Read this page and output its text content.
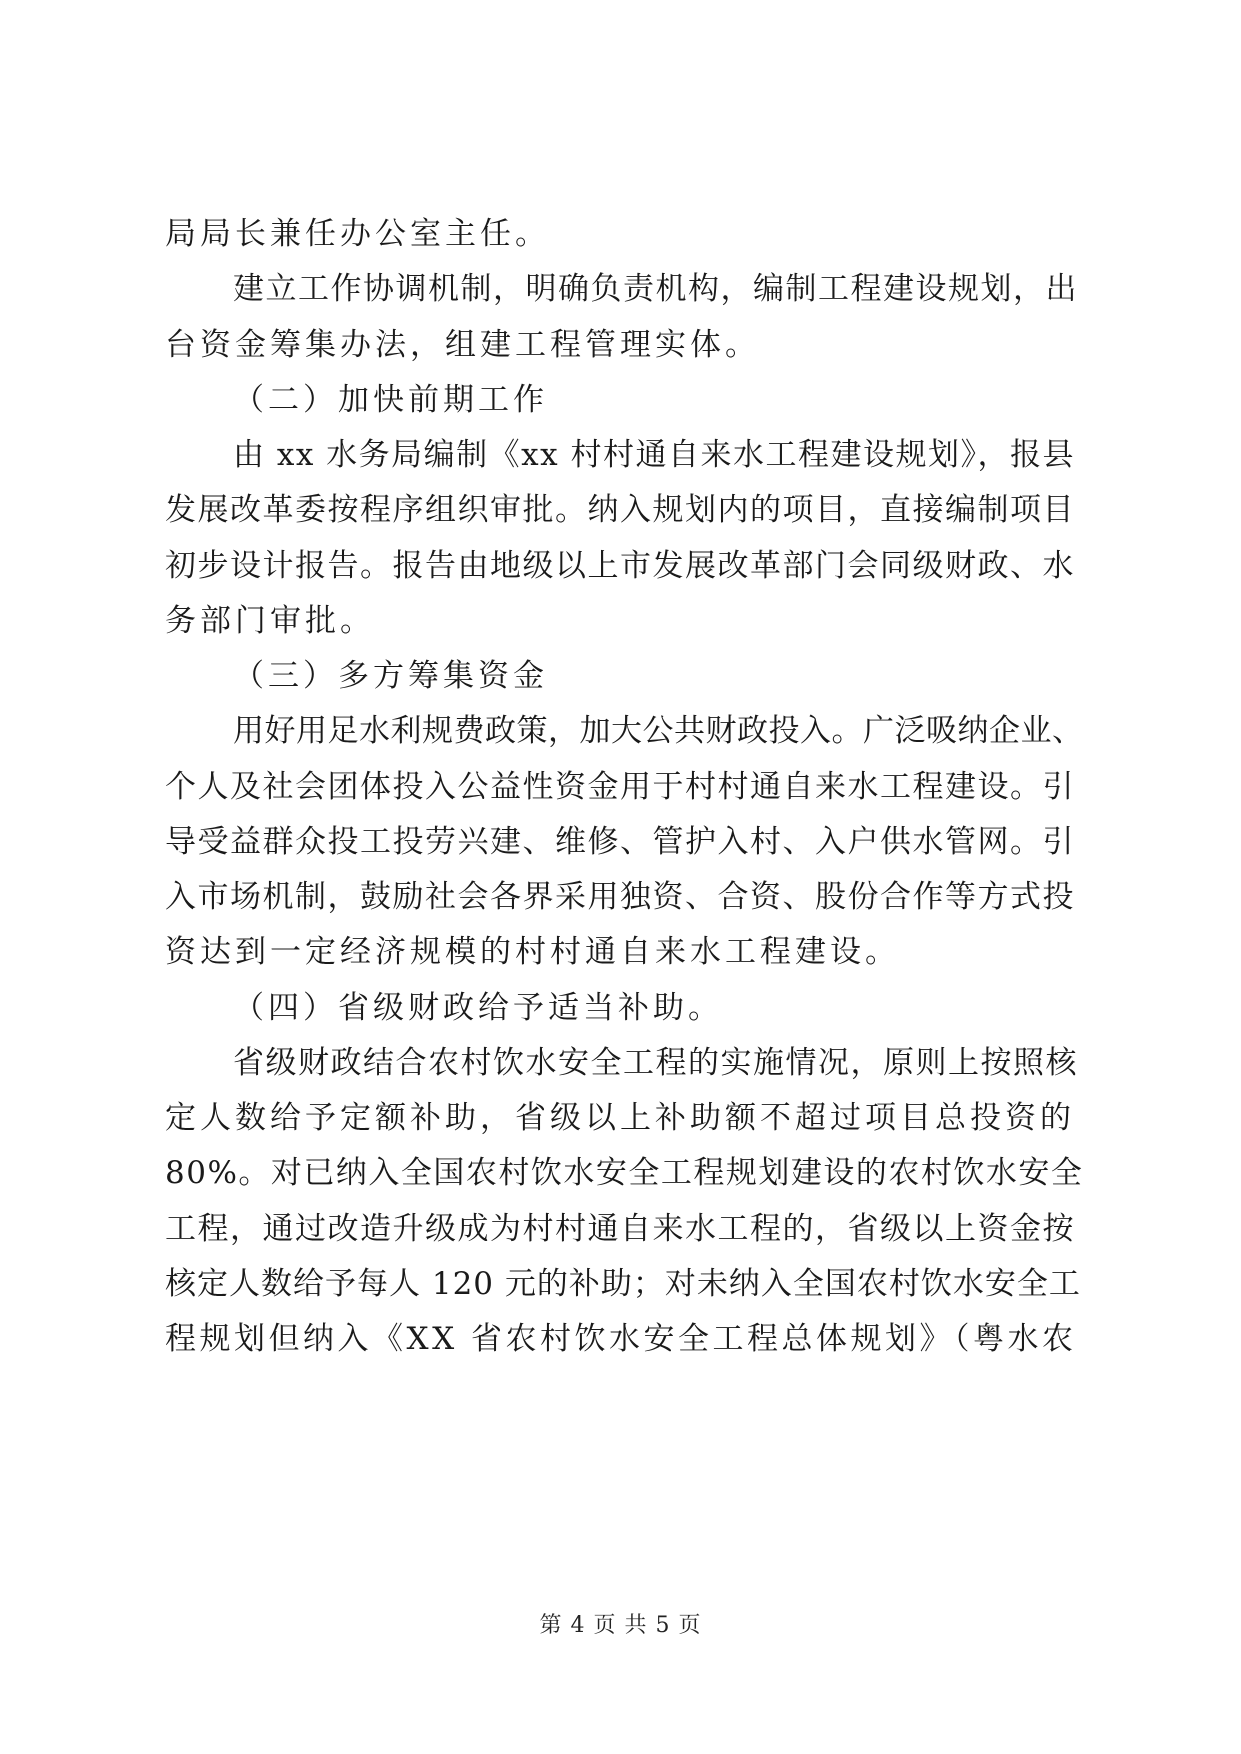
局局长兼任办公室主任。
建立工作协调机制，明确负责机构，编制工程建设规划，出
台资金筹集办法，组建工程管理实体。
（二）加快前期工作
由 xx 水务局编制《xx 村村通自来水工程建设规划》，报县
发展改革委按程序组织审批。纳入规划内的项目，直接编制项目
初步设计报告。报告由地级以上市发展改革部门会同级财政、水
务部门审批。
（三）多方筹集资金
用好用足水利规费政策，加大公共财政投入。广泛吸纳企业、
个人及社会团体投入公益性资金用于村村通自来水工程建设。引
导受益群众投工投劳兴建、维修、管护入村、入户供水管网。引
入市场机制，鼓励社会各界采用独资、合资、股份合作等方式投
资达到一定经济规模的村村通自来水工程建设。
（四）省级财政给予适当补助。
省级财政结合农村饮水安全工程的实施情况，原则上按照核
定人数给予定额补助，省级以上补助额不超过项目总投资的
80%。对已纳入全国农村饮水安全工程规划建设的农村饮水安全
工程，通过改造升级成为村村通自来水工程的，省级以上资金按
核定人数给予每人 120 元的补助；对未纳入全国农村饮水安全工
程规划但纳入《XX 省农村饮水安全工程总体规划》（粤水农
第 4 页 共 5 页
